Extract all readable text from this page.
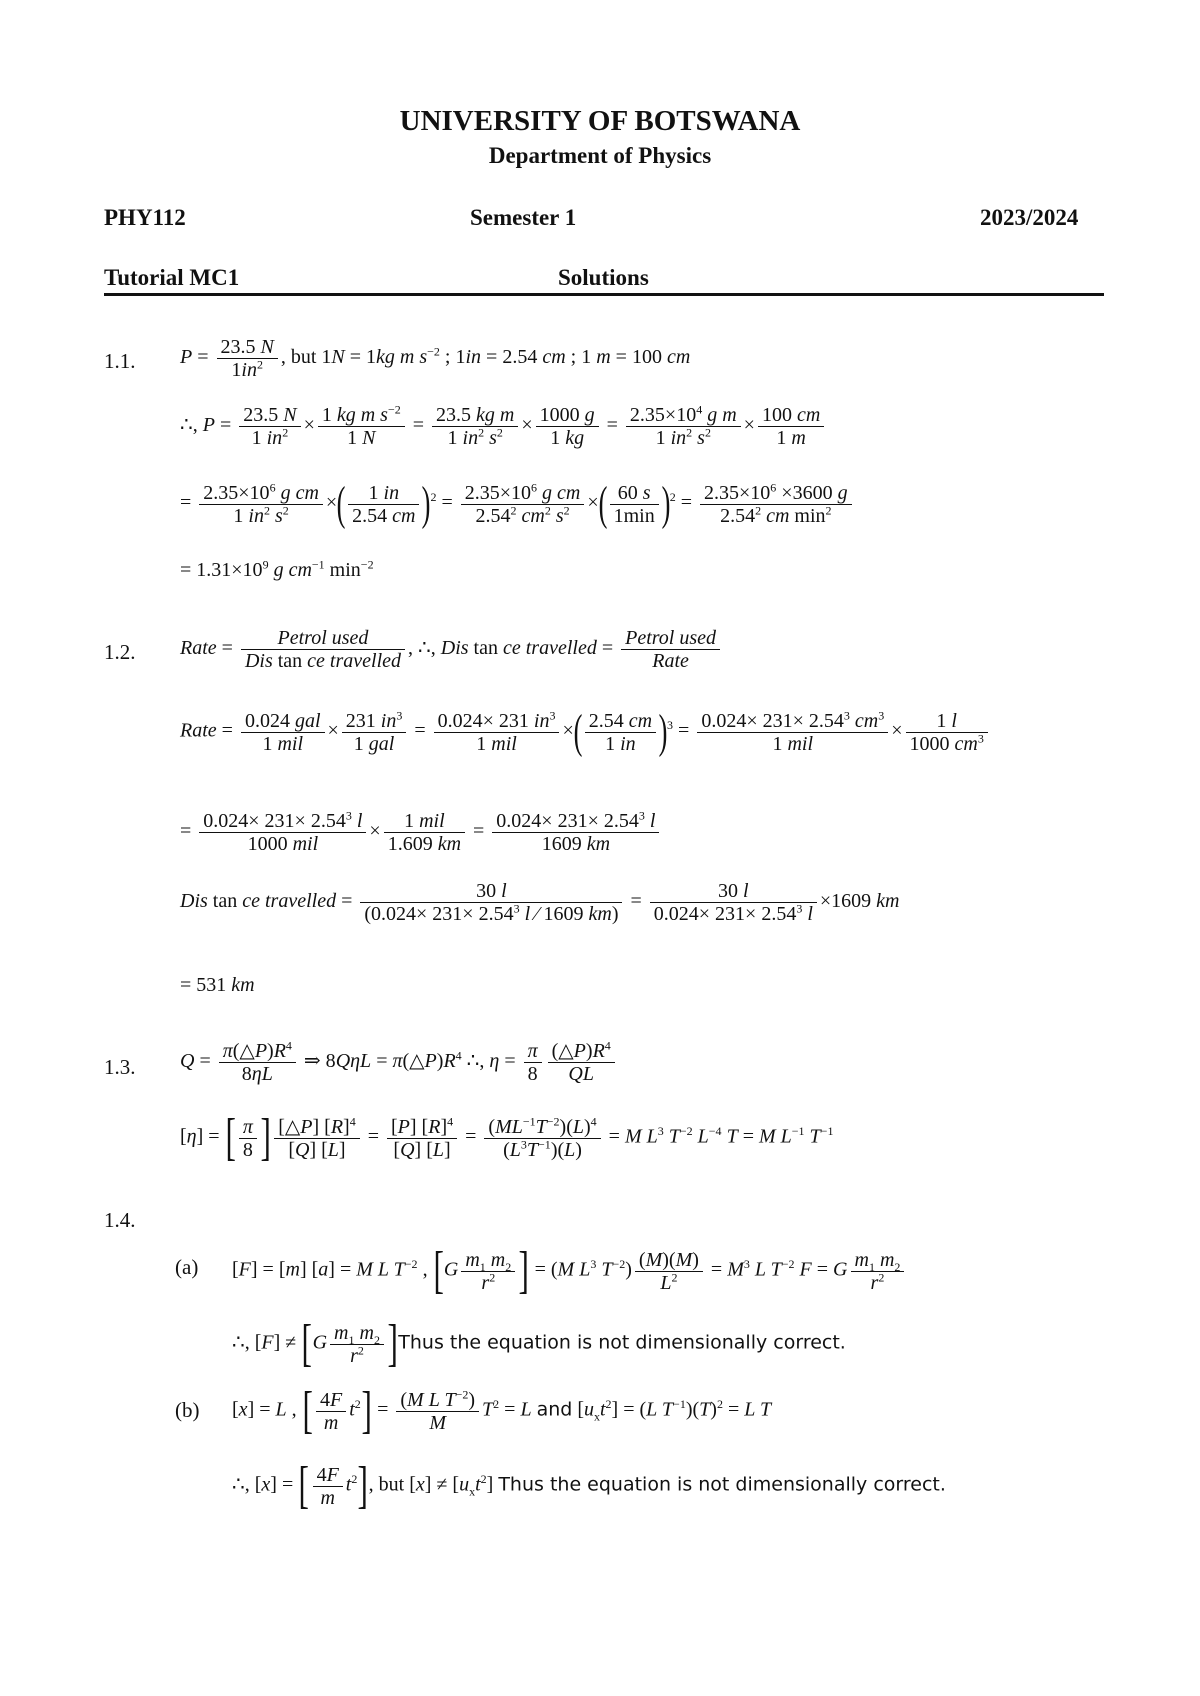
UNIVERSITY OF BOTSWANA
Department of Physics
PHY112	Semester 1	2023/2024
Tutorial MC1	Solutions
1.1. $P = \frac{23.5 N}{1in^2}$ , but 1N = 1kg m $s^{-2}$ ; 1in = 2.54 cm ; 1 m = 100 cm
∴, $P = \frac{23.5 N}{1 in^2} \times \frac{1 kg m s^{-2}}{1 N} = \frac{\text{23.5 kg m}}{1 in^2 s^2} \times \frac{1000 g}{1 kg} = \frac{2.35\times 10^4 g m}{1 in^2 s^2} \times \frac{100 cm}{1 m}$
= $\frac{2.35\times 10^6 g cm}{1 in^2 s^2}$ ×( $\frac{1 in}{2.54 cm} )^2 = \frac{2.35\times 10^6 g cm}{2.54^2 cm^2 s^2}$ ×( 60 s
1min )$^2 = 2.35\times 10^6 \times 3600$ g
2.54$^2$ cm $\min^2$
= $1.31\times 10^9$ g $cm^{-1}$ $\min^{-2}$
1.2. Rate =	Petrol used
Dis tan ce travelled
, ∴, Dis tan ce travelled = Petrol used
Rate
Rate = 0.024 gal
1 mil
× 231 $in^3$
1 gal
= 0.024× 231 $in^3$
1 mil
×( $\frac{2.54 cm}{1 in} )^3 = 0.024\times 231\times 2.54^3$ $cm^3$
1 mil
× $\frac{1 l}{1000 cm^3}$
= $0.024\times 231\times 2.54^3$ l
1000 mil
×	1 mil
1.609 km
= $\frac{0.024\times 231\times 2.54^3 l}{1609 km}$
Dis tan ce travelled = $\frac{30 l}{(0.024\times 231\times 2.54^3 l ⁄ 1609 km)} = \frac{30 l}{0.024\times 231\times 2.54^3 l} \times 1609$ km
= 531 km
1.3. $Q = \frac{\pi(\triangle P)R^4}{8\eta L}$ ⇒ $8Q\eta L = \pi(\triangle P)R^4$ ∴, $\eta = \frac{\pi}{8} \frac{(\triangle P)R^4}{QL}$
[η] = [ $\frac{\pi}{8}$ ] $\frac{[\triangle P] [R]^4}{[Q] [L]} = \frac{[P] [R]^4}{[Q] [L]} = \frac{(ML^{-1}T^{-2})(L)^4}{(L^3T^{-1})(L)} = M$ $L^3$ $T^{-2}$ $L^{-4}$ T = M $L^{-1}$ $T^{-1}$
1.4.
(a) [F] = [m] [a] = M L $T^{-2}$ , [$G \frac{m_1 m_2}{r^2}$ ] = (M $L^3$ $T^{-2}) \frac{(M)(M)}{L^2} = M^3$ L $T^{-2}$ F = G $\frac{m_1 m_2}{r^2}$
∴, $[F] \ne [G \frac{m_1 m_2}{r^2}$ ]Thus the equation is not dimensionally correct.
(b) [x] = L , [ $\frac{4F}{m} t^2] = \frac{(M L T^{-2})}{M} T^2 = L$ and $[u_xt^2] = (L$ $T^{-1})(T)^2 = L$ T
∴, [x] = [ $\frac{4F}{m} t^2$], but $[x] \ne [u_xt^2]$ Thus the equation is not dimensionally correct.
